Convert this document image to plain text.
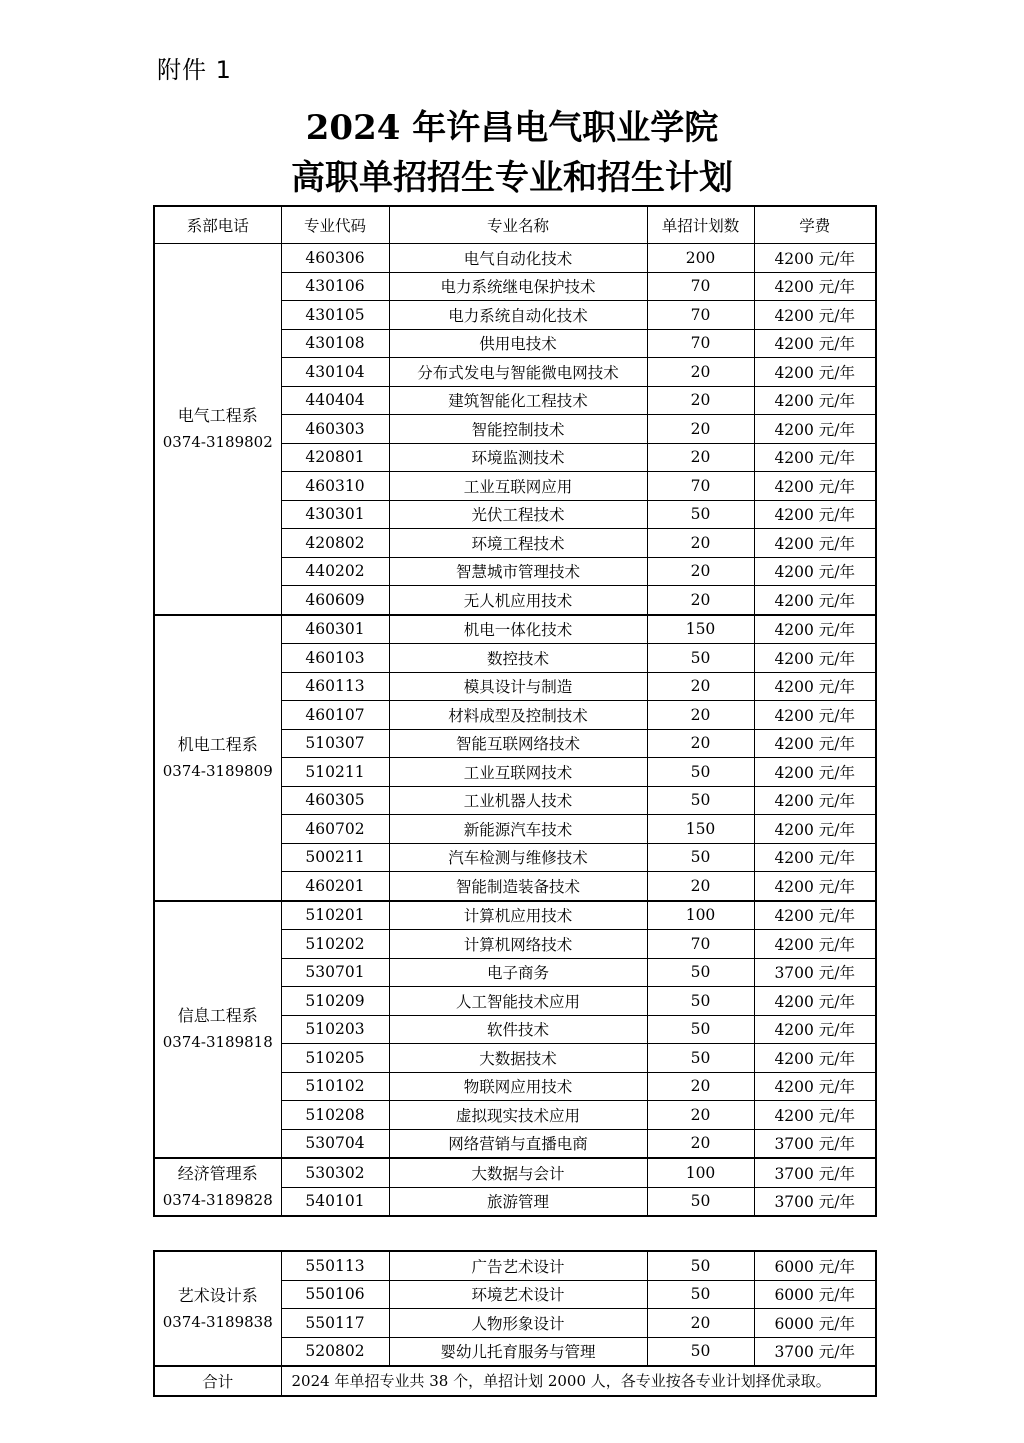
附件 1
2024 年许昌电气职业学院
高职单招招生专业和招生计划
系部电话	专业代码	专业名称	单招计划数	学费

电气工程系
0374-3189802	460306	电气自动化技术	200	4200 元/年
	430106	电力系统继电保护技术	70	4200 元/年
	430105	电力系统自动化技术	70	4200 元/年
	430108	供用电技术	70	4200 元/年
	430104	分布式发电与智能微电网技术	20	4200 元/年
	440404	建筑智能化工程技术	20	4200 元/年
	460303	智能控制技术	20	4200 元/年
	420801	环境监测技术	20	4200 元/年
	460310	工业互联网应用	70	4200 元/年
	430301	光伏工程技术	50	4200 元/年
	420802	环境工程技术	20	4200 元/年
	440202	智慧城市管理技术	20	4200 元/年
	460609	无人机应用技术	20	4200 元/年

机电工程系
0374-3189809	460301	机电一体化技术	150	4200 元/年
	460103	数控技术	50	4200 元/年
	460113	模具设计与制造	20	4200 元/年
	460107	材料成型及控制技术	20	4200 元/年
	510307	智能互联网络技术	20	4200 元/年
	510211	工业互联网技术	50	4200 元/年
	460305	工业机器人技术	50	4200 元/年
	460702	新能源汽车技术	150	4200 元/年
	500211	汽车检测与维修技术	50	4200 元/年
	460201	智能制造装备技术	20	4200 元/年

信息工程系
0374-3189818	510201	计算机应用技术	100	4200 元/年
	510202	计算机网络技术	70	4200 元/年
	530701	电子商务	50	3700 元/年
	510209	人工智能技术应用	50	4200 元/年
	510203	软件技术	50	4200 元/年
	510205	大数据技术	50	4200 元/年
	510102	物联网应用技术	20	4200 元/年
	510208	虚拟现实技术应用	20	4200 元/年
	530704	网络营销与直播电商	20	3700 元/年

经济管理系
0374-3189828	530302	大数据与会计	100	3700 元/年
	540101	旅游管理	50	3700 元/年
艺术设计系
0374-3189838	550113	广告艺术设计	50	6000 元/年
	550106	环境艺术设计	50	6000 元/年
	550117	人物形象设计	20	6000 元/年
	520802	婴幼儿托育服务与管理	50	3700 元/年
合计	2024 年单招专业共 38 个，单招计划 2000 人，各专业按各专业计划择优录取。			
